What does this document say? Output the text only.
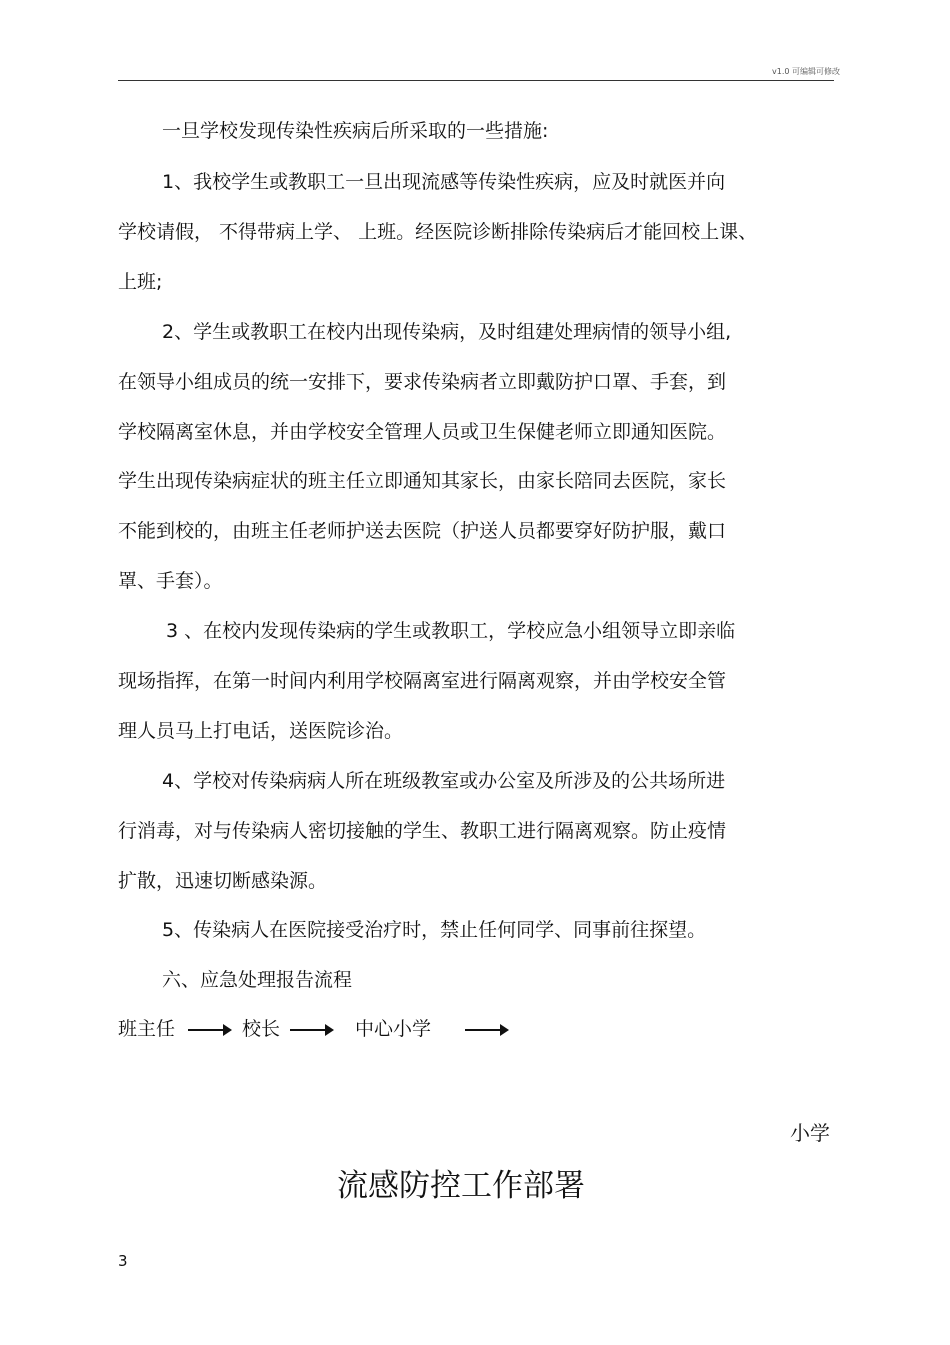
v1.0 可编辑可修改
一旦学校发现传染性疾病后所采取的一些措施:
1、我校学生或教职工一旦出现流感等传染性疾病，应及时就医并向
学校请假， 不得带病上学、 上班。经医院诊断排除传染病后才能回校上课、
上班;
2、学生或教职工在校内出现传染病，及时组建处理病情的领导小组,
在领导小组成员的统一安排下，要求传染病者立即戴防护口罩、手套，到
学校隔离室休息，并由学校安全管理人员或卫生保健老师立即通知医院。
学生出现传染病症状的班主任立即通知其家长，由家长陪同去医院，家长
不能到校的，由班主任老师护送去医院（护送人员都要穿好防护服，戴口
罩、手套）。
3 、在校内发现传染病的学生或教职工，学校应急小组领导立即亲临
现场指挥，在第一时间内利用学校隔离室进行隔离观察，并由学校安全管
理人员马上打电话，送医院诊治。
4、学校对传染病病人所在班级教室或办公室及所涉及的公共场所进
行消毒，对与传染病人密切接触的学生、教职工进行隔离观察。防止疫情
扩散，迅速切断感染源。
5、传染病人在医院接受治疗时，禁止任何同学、同事前往探望。
六、应急处理报告流程
班主任	校长	中心小学
小学
流感防控工作部署
3
